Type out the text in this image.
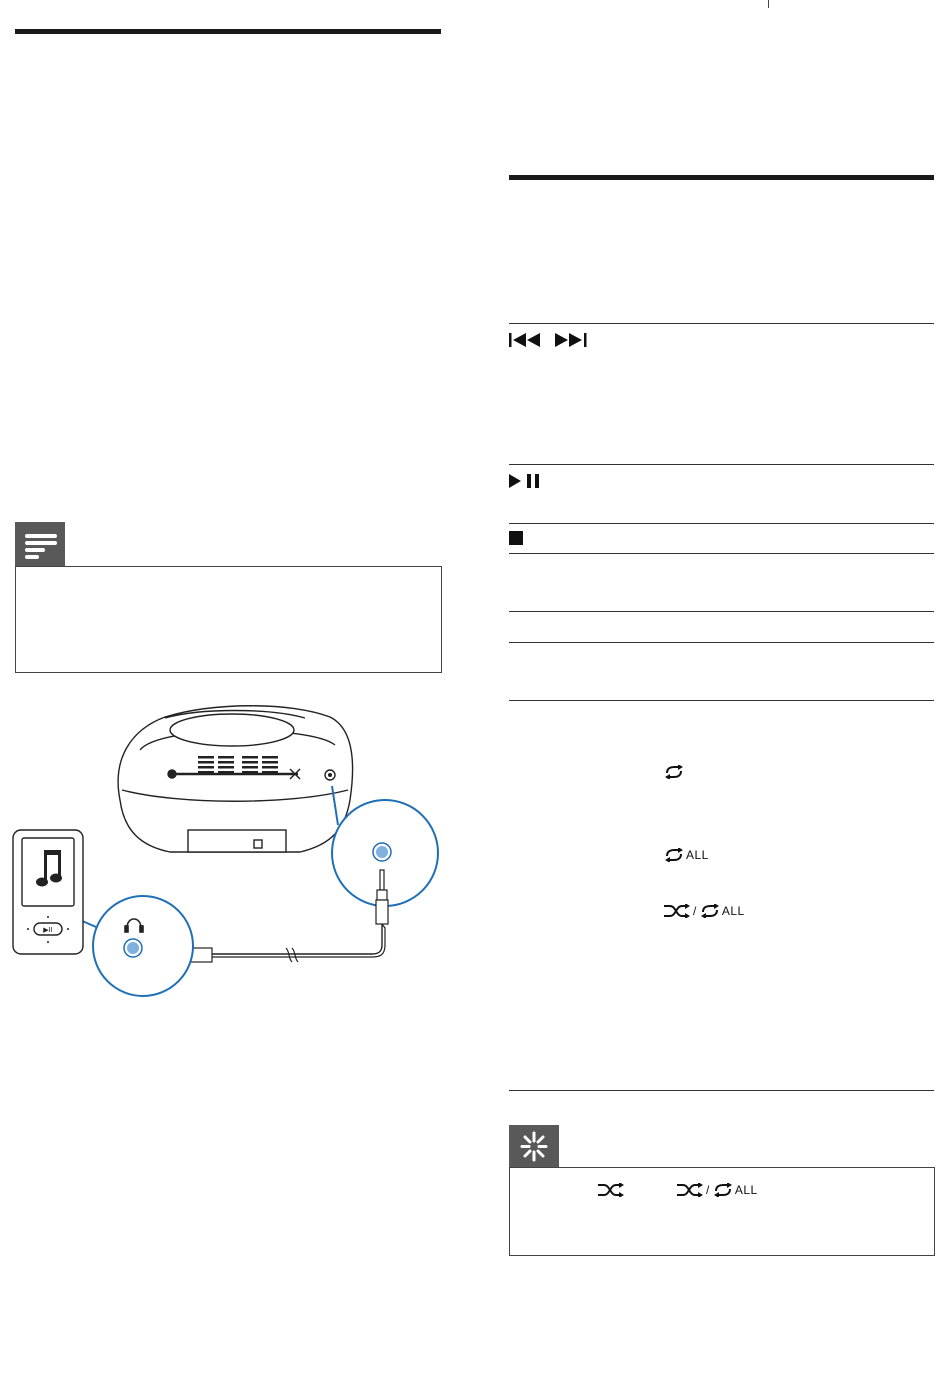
▶II
ALL
/ ALL
/ ALL
